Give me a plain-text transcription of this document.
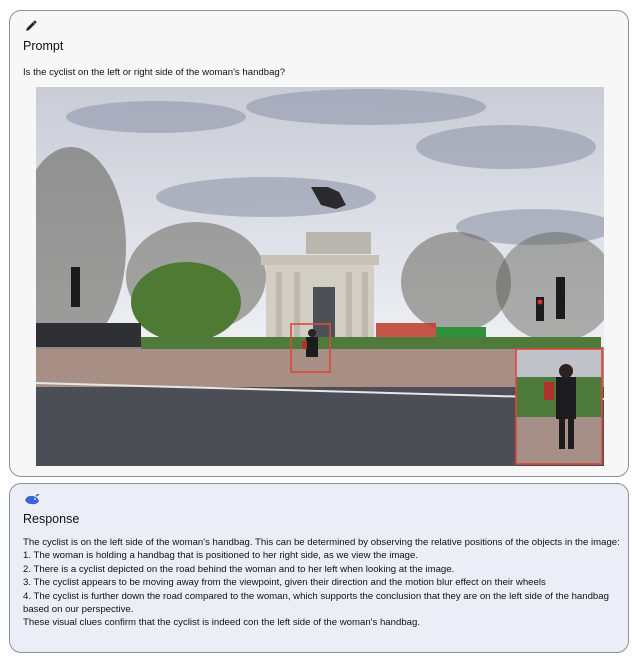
Prompt
Is the cyclist on the left or right side of the woman's handbag?
Response

The cyclist is on the left side of the woman's handbag. This can be determined by observing the relative positions of the objects in the image:

1. The woman is holding a handbag that is positioned to her right side, as we view the image.

2. There is a cyclist depicted on the road behind the woman and to her left when looking at the image.

3. The cyclist appears to be moving away from the viewpoint, given their direction and the motion blur effect on their wheels

4. The cyclist is further down the road compared to the woman, which supports the conclusion that they are on the left side of the handbag based on our perspective.

These visual clues confirm that the cyclist is indeed con the left side of the woman's handbag.
